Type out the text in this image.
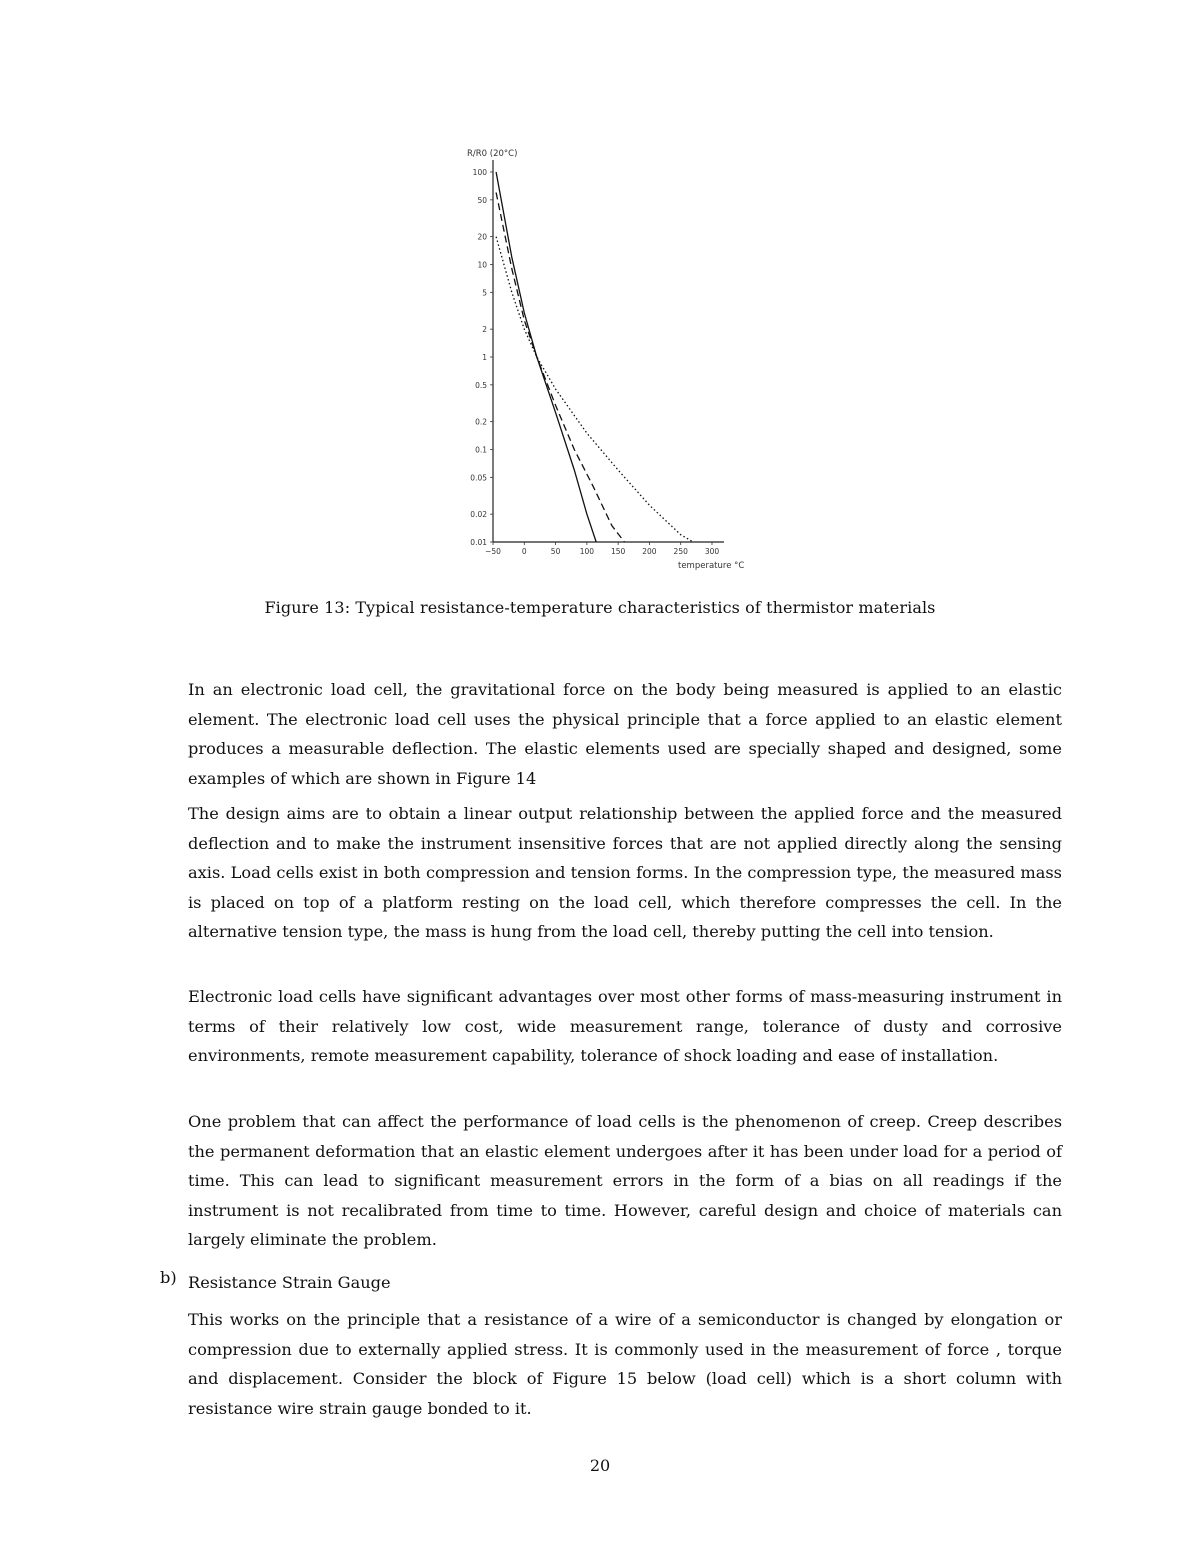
100
50
20
10
5
2
1
0.5
0.2
0.1
0.05
0.02
0.01
−50	0	50	100 150 200 250 300
R/R0 (20°C)
temperature °C
Figure 13: Typical resistance-temperature characteristics of thermistor materials

In an electronic load cell, the gravitational force on the body being measured is applied to an elastic element. The electronic load cell uses the physical principle that a force applied to an elastic element produces a measurable deflection. The elastic elements used are specially shaped and designed, some examples of which are shown in Figure 14

The design aims are to obtain a linear output relationship between the applied force and the measured deflection and to make the instrument insensitive forces that are not applied directly along the sensing axis. Load cells exist in both compression and tension forms. In the compression type, the measured mass is placed on top of a platform resting on the load cell, which therefore compresses the cell. In the alternative tension type, the mass is hung from the load cell, thereby putting the cell into tension.

Electronic load cells have significant advantages over most other forms of mass-measuring instrument in terms of their relatively low cost, wide measurement range, tolerance of dusty and corrosive environments, remote measurement capability, tolerance of shock loading and ease of installation.

One problem that can affect the performance of load cells is the phenomenon of creep. Creep describes the permanent deformation that an elastic element undergoes after it has been under load for a period of time. This can lead to significant measurement errors in the form of a bias on all readings if the instrument is not recalibrated from time to time. However, careful design and choice of materials can largely eliminate the problem.

b) Resistance Strain Gauge

This works on the principle that a resistance of a wire of a semiconductor is changed by elongation or compression due to externally applied stress. It is commonly used in the measurement of force , torque and displacement. Consider the block of Figure 15 below (load cell) which is a short column with resistance wire strain gauge bonded to it.

20
